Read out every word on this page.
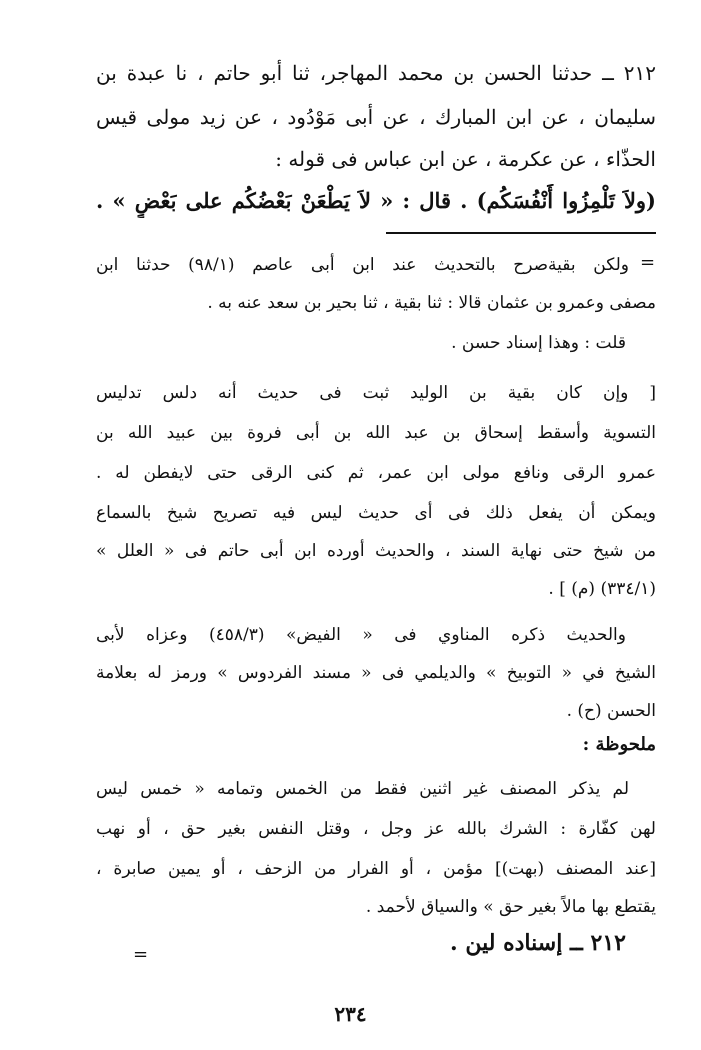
٢١٢ ــ حدثنا الحسن بن محمد المهاجر، ثنا أبو حاتم ، نا عبدة بن
سليمان ، عن ابن المبارك ، عن أبى مَوْدُود ، عن زيد مولى قيس
الحذّاء ، عن عكرمة ، عن ابن عباس فى قوله :
(ولاَ تَلْمِزُوا أَنْفُسَكُم) . قال : « لاَ يَطْعَنْ بَعْضُكُم على بَعْضٍ » .
=
ولكن بقيةصرح بالتحديث عند ابن أبى عاصم (٩٨/١) حدثنا ابن
مصفى وعمرو بن عثمان قالا : ثنا بقية ، ثنا بحير بن سعد عنه به .
قلت : وهذا إسناد حسن .
[ وإن كان بقية بن الوليد ثبت فى حديث أنه دلس تدليس
التسوية وأسقط إسحاق بن عبد الله بن أبى فروة بين عبيد الله بن
عمرو الرقى ونافع مولى ابن عمر، ثم كنى الرقى حتى لايفطن له .
ويمكن أن يفعل ذلك فى أى حديث ليس فيه تصريح شيخ بالسماع
من شيخ حتى نهاية السند ، والحديث أورده ابن أبى حاتم فى « العلل »
(٣٣٤/١) (م) ] .
والحديث ذكره المناوي فى « الفيض» (٤٥٨/٣) وعزاه لأبى
الشيخ في « التوبيخ » والديلمي فى « مسند الفردوس » ورمز له بعلامة
الحسن (ح) .
ملحوظة :
لم يذكر المصنف غير اثنين فقط من الخمس وتمامه « خمس ليس
لهن كفّارة : الشرك بالله عز وجل ، وقتل النفس بغير حق ، أو نهب
[عند المصنف (بهت)] مؤمن ، أو الفرار من الزحف ، أو يمين صابرة ،
يقتطع بها مالاً بغير حق » والسياق لأحمد .
٢١٢ ــ إسناده لين .
=
٢٣٤
